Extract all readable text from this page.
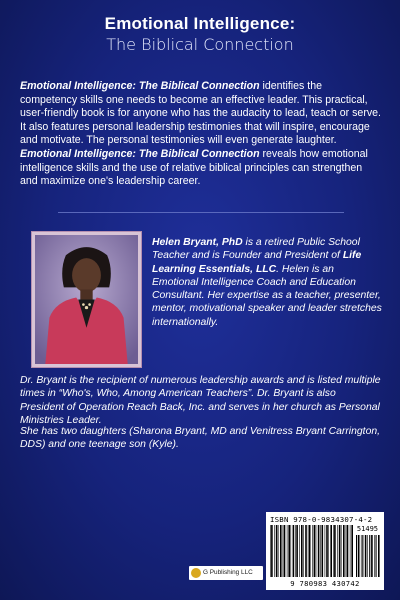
Emotional Intelligence:
The Biblical Connection
Emotional Intelligence: The Biblical Connection identifies the competency skills one needs to become an effective leader. This practical, user-friendly book is for anyone who has the audacity to lead, teach or serve. It also features personal leadership testimonies that will inspire, encourage and motivate. The personal testimonies will even generate laughter. Emotional Intelligence: The Biblical Connection reveals how emotional intelligence skills and the use of relative biblical principles can strengthen and maximize one's leadership career.
Helen Bryant, PhD is a retired Public School Teacher and is Founder and President of Life Learning Essentials, LLC. Helen is an Emotional Intelligence Coach and Education Consultant. Her expertise as a teacher, presenter, mentor, motivational speaker and leader stretches internationally.
Dr. Bryant is the recipient of numerous leadership awards and is listed multiple times in “Who's, Who, Among American Teachers”. Dr. Bryant is also President of Operation Reach Back, Inc. and serves in her church as Personal Ministries Leader.
She has two daughters (Sharona Bryant, MD and Venitress Bryant Carrington, DDS) and one teenage son (Kyle).
G Publishing LLC
ISBN 978-0-9834307-4-2
51495
9 780983 430742
